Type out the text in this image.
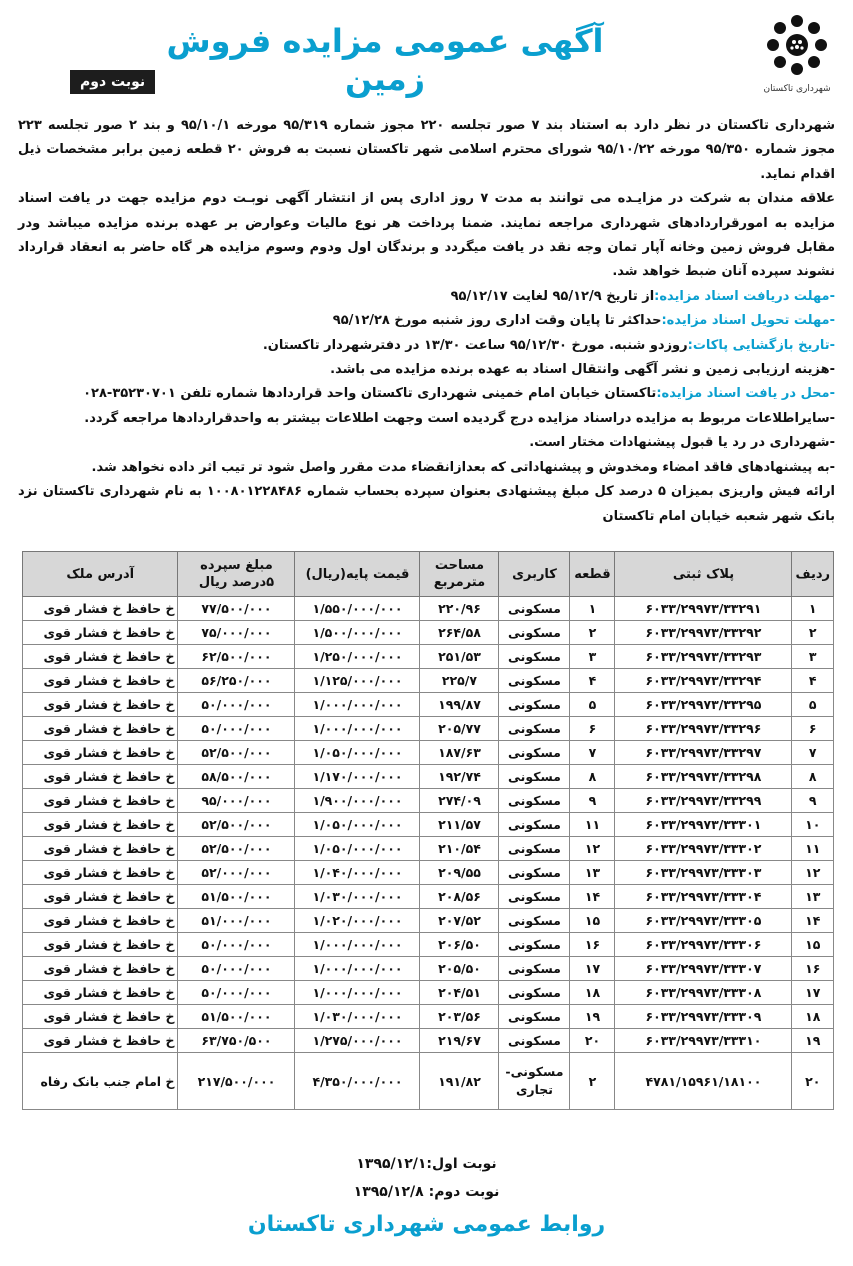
آگهی عمومی مزایده فروش زمین	شهرداری تاکستان
نوبت دوم

شهرداری تاکستان در نظر دارد به استناد بند ۷ صور تجلسه ۲۲۰ مجوز شماره ۹۵/۳۱۹ مورخه ۹۵/۱۰/۱ و بند ۲ صور تجلسه ۲۲۳ مجوز شماره ۹۵/۳۵۰ مورخه ۹۵/۱۰/۲۲ شورای محترم اسلامی شهر تاکستان نسبت به فروش ۲۰ قطعه زمین برابر مشخصات ذیل اقدام نماید.

علاقه مندان به شرکت در مزایـده می توانند به مدت ۷ روز اداری پس از انتشار آگهی نوبـت دوم مزایده جهت در یافت اسناد مزایده به امورقراردادهای شهرداری مراجعه نمایند. ضمنا پرداخت هر نوع مالیات وعوارض بر عهده برنده مزایده میباشد ودر مقابل فروش زمین وخانه آپار تمان وجه نقد در یافت میگردد و برندگان اول ودوم وسوم مزایده هر گاه حاضر به انعقاد قرارداد نشوند سپرده آنان ضبط خواهد شد.

-مهلت دریافت اسناد مزایده:از تاریخ ۹۵/۱۲/۹ لغایت ۹۵/۱۲/۱۷

-مهلت تحویل اسناد مزایده:حداکثر تا پایان وقت اداری روز شنبه مورخ ۹۵/۱۲/۲۸

-تاریخ بازگشایی پاکات:روزدو شنبه. مورخ ۹۵/۱۲/۳۰ ساعت ۱۳/۳۰ در دفترشهردار تاکستان.

-هزینه ارزیابی زمین و نشر آگهی وانتقال اسناد به عهده برنده مزایده می باشد.

-محل در یافت اسناد مزایده:تاکستان خیابان امام خمینی شهرداری تاکستان واحد قراردادها شماره تلفن ۳۵۲۳۰۷۰۱-۰۲۸

-سایراطلاعات مربوط به مزایده دراسناد مزایده درج گردیده است وجهت اطلاعات بیشتر به واحدقراردادها مراجعه گردد.

-شهرداری در رد یا قبول پیشنهادات مختار است.

-به پیشنهادهای فاقد امضاء ومخدوش و پیشنهاداتی که بعدازانقضاء مدت مقرر واصل شود تر تیب اثر داده نخواهد شد.

ارائه فیش واریزی بمیزان ۵ درصد کل مبلغ پیشنهادی بعنوان سپرده بحساب شماره ۱۰۰۸۰۱۲۲۸۴۸۶ به نام شهرداری تاکستان نزد بانک شهر شعبه خیابان امام تاکستان

ردیف	پلاک ثبتی	قطعه	کاربری	مساحت مترمربع	قیمت پایه(ریال)	مبلغ سپرده ۵درصد ریال	آدرس ملک
۱	۶۰۳۳/۲۹۹۷۳/۳۳۲۹۱	۱	مسکونی	۲۲۰/۹۶	۱/۵۵۰/۰۰۰/۰۰۰	۷۷/۵۰۰/۰۰۰	خ حافظ خ فشار قوی
۲	۶۰۳۳/۲۹۹۷۳/۳۳۲۹۲	۲	مسکونی	۲۶۴/۵۸	۱/۵۰۰/۰۰۰/۰۰۰	۷۵/۰۰۰/۰۰۰	خ حافظ خ فشار قوی
۳	۶۰۳۳/۲۹۹۷۳/۳۳۲۹۳	۳	مسکونی	۲۵۱/۵۳	۱/۲۵۰/۰۰۰/۰۰۰	۶۲/۵۰۰/۰۰۰	خ حافظ خ فشار قوی
۴	۶۰۳۳/۲۹۹۷۳/۳۳۲۹۴	۴	مسکونی	۲۲۵/۷	۱/۱۲۵/۰۰۰/۰۰۰	۵۶/۲۵۰/۰۰۰	خ حافظ خ فشار قوی
۵	۶۰۳۳/۲۹۹۷۳/۳۳۲۹۵	۵	مسکونی	۱۹۹/۸۷	۱/۰۰۰/۰۰۰/۰۰۰	۵۰/۰۰۰/۰۰۰	خ حافظ خ فشار قوی
۶	۶۰۳۳/۲۹۹۷۳/۳۳۲۹۶	۶	مسکونی	۲۰۵/۷۷	۱/۰۰۰/۰۰۰/۰۰۰	۵۰/۰۰۰/۰۰۰	خ حافظ خ فشار قوی
۷	۶۰۳۳/۲۹۹۷۳/۳۳۲۹۷	۷	مسکونی	۱۸۷/۶۳	۱/۰۵۰/۰۰۰/۰۰۰	۵۲/۵۰۰/۰۰۰	خ حافظ خ فشار قوی
۸	۶۰۳۳/۲۹۹۷۳/۳۳۲۹۸	۸	مسکونی	۱۹۲/۷۴	۱/۱۷۰/۰۰۰/۰۰۰	۵۸/۵۰۰/۰۰۰	خ حافظ خ فشار قوی
۹	۶۰۳۳/۲۹۹۷۳/۳۳۲۹۹	۹	مسکونی	۲۷۴/۰۹	۱/۹۰۰/۰۰۰/۰۰۰	۹۵/۰۰۰/۰۰۰	خ حافظ خ فشار قوی
۱۰	۶۰۳۳/۲۹۹۷۳/۳۳۳۰۱	۱۱	مسکونی	۲۱۱/۵۷	۱/۰۵۰/۰۰۰/۰۰۰	۵۲/۵۰۰/۰۰۰	خ حافظ خ فشار قوی
۱۱	۶۰۳۳/۲۹۹۷۳/۳۳۳۰۲	۱۲	مسکونی	۲۱۰/۵۴	۱/۰۵۰/۰۰۰/۰۰۰	۵۲/۵۰۰/۰۰۰	خ حافظ خ فشار قوی
۱۲	۶۰۳۳/۲۹۹۷۳/۳۳۳۰۳	۱۳	مسکونی	۲۰۹/۵۵	۱/۰۴۰/۰۰۰/۰۰۰	۵۲/۰۰۰/۰۰۰	خ حافظ خ فشار قوی
۱۳	۶۰۳۳/۲۹۹۷۳/۳۳۳۰۴	۱۴	مسکونی	۲۰۸/۵۶	۱/۰۳۰/۰۰۰/۰۰۰	۵۱/۵۰۰/۰۰۰	خ حافظ خ فشار قوی
۱۴	۶۰۳۳/۲۹۹۷۳/۳۳۳۰۵	۱۵	مسکونی	۲۰۷/۵۲	۱/۰۲۰/۰۰۰/۰۰۰	۵۱/۰۰۰/۰۰۰	خ حافظ خ فشار قوی
۱۵	۶۰۳۳/۲۹۹۷۳/۳۳۳۰۶	۱۶	مسکونی	۲۰۶/۵۰	۱/۰۰۰/۰۰۰/۰۰۰	۵۰/۰۰۰/۰۰۰	خ حافظ خ فشار قوی
۱۶	۶۰۳۳/۲۹۹۷۳/۳۳۳۰۷	۱۷	مسکونی	۲۰۵/۵۰	۱/۰۰۰/۰۰۰/۰۰۰	۵۰/۰۰۰/۰۰۰	خ حافظ خ فشار قوی
۱۷	۶۰۳۳/۲۹۹۷۳/۳۳۳۰۸	۱۸	مسکونی	۲۰۴/۵۱	۱/۰۰۰/۰۰۰/۰۰۰	۵۰/۰۰۰/۰۰۰	خ حافظ خ فشار قوی
۱۸	۶۰۳۳/۲۹۹۷۳/۳۳۳۰۹	۱۹	مسکونی	۲۰۳/۵۶	۱/۰۳۰/۰۰۰/۰۰۰	۵۱/۵۰۰/۰۰۰	خ حافظ خ فشار قوی
۱۹	۶۰۳۳/۲۹۹۷۳/۳۳۳۱۰	۲۰	مسکونی	۲۱۹/۶۷	۱/۲۷۵/۰۰۰/۰۰۰	۶۳/۷۵۰/۵۰۰	خ حافظ خ فشار قوی
۲۰	۴۷۸۱/۱۵۹۶۱/۱۸۱۰۰	۲	مسکونی- تجاری	۱۹۱/۸۲	۴/۳۵۰/۰۰۰/۰۰۰	۲۱۷/۵۰۰/۰۰۰	خ امام جنب بانک رفاه
نوبت اول:۱۳۹۵/۱۲/۱
نوبت دوم: ۱۳۹۵/۱۲/۸
روابط عمومی شهرداری تاکستان
